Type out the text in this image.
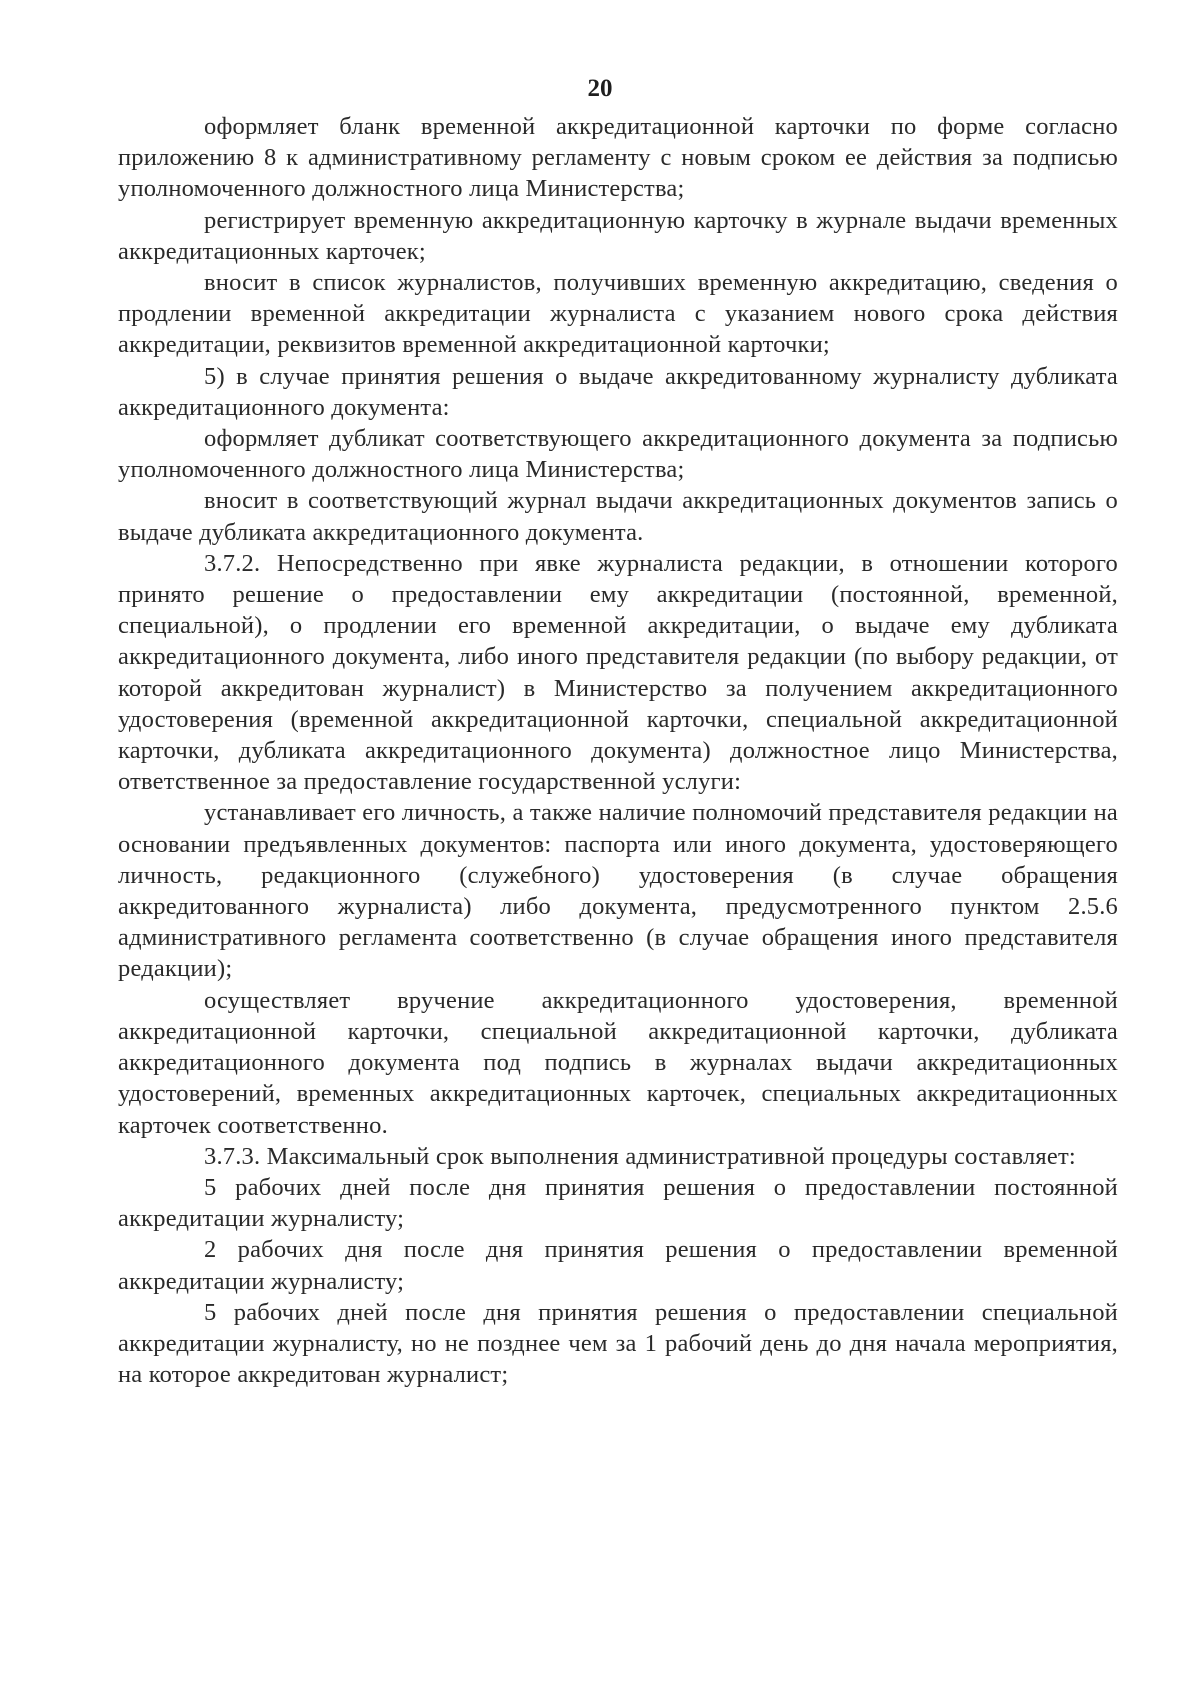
20

оформляет бланк временной аккредитационной карточки по форме согласно приложению 8 к административному регламенту с новым сроком ее действия за подписью уполномоченного должностного лица Министерства;

регистрирует временную аккредитационную карточку в журнале выдачи временных аккредитационных карточек;

вносит в список журналистов, получивших временную аккредитацию, сведения о продлении временной аккредитации журналиста с указанием нового срока действия аккредитации, реквизитов временной аккредитационной карточки;

5) в случае принятия решения о выдаче аккредитованному журналисту дубликата аккредитационного документа:

оформляет дубликат соответствующего аккредитационного документа за подписью уполномоченного должностного лица Министерства;

вносит в соответствующий журнал выдачи аккредитационных документов запись о выдаче дубликата аккредитационного документа.

3.7.2. Непосредственно при явке журналиста редакции, в отношении которого принято решение о предоставлении ему аккредитации (постоянной, временной, специальной), о продлении его временной аккредитации, о выдаче ему дубликата аккредитационного документа, либо иного представителя редакции (по выбору редакции, от которой аккредитован журналист) в Министерство за получением аккредитационного удостоверения (временной аккредитационной карточки, специальной аккредитационной карточки, дубликата аккредитационного документа) должностное лицо Министерства, ответственное за предоставление государственной услуги:

устанавливает его личность, а также наличие полномочий представителя редакции на основании предъявленных документов: паспорта или иного документа, удостоверяющего личность, редакционного (служебного) удостоверения (в случае обращения аккредитованного журналиста) либо документа, предусмотренного пунктом 2.5.6 административного регламента соответственно (в случае обращения иного представителя редакции);

осуществляет вручение аккредитационного удостоверения, временной аккредитационной карточки, специальной аккредитационной карточки, дубликата аккредитационного документа под подпись в журналах выдачи аккредитационных удостоверений, временных аккредитационных карточек, специальных аккредитационных карточек соответственно.

3.7.3. Максимальный срок выполнения административной процедуры составляет:

5 рабочих дней после дня принятия решения о предоставлении постоянной аккредитации журналисту;

2 рабочих дня после дня принятия решения о предоставлении временной аккредитации журналисту;

5 рабочих дней после дня принятия решения о предоставлении специальной аккредитации журналисту, но не позднее чем за 1 рабочий день до дня начала мероприятия, на которое аккредитован журналист;
